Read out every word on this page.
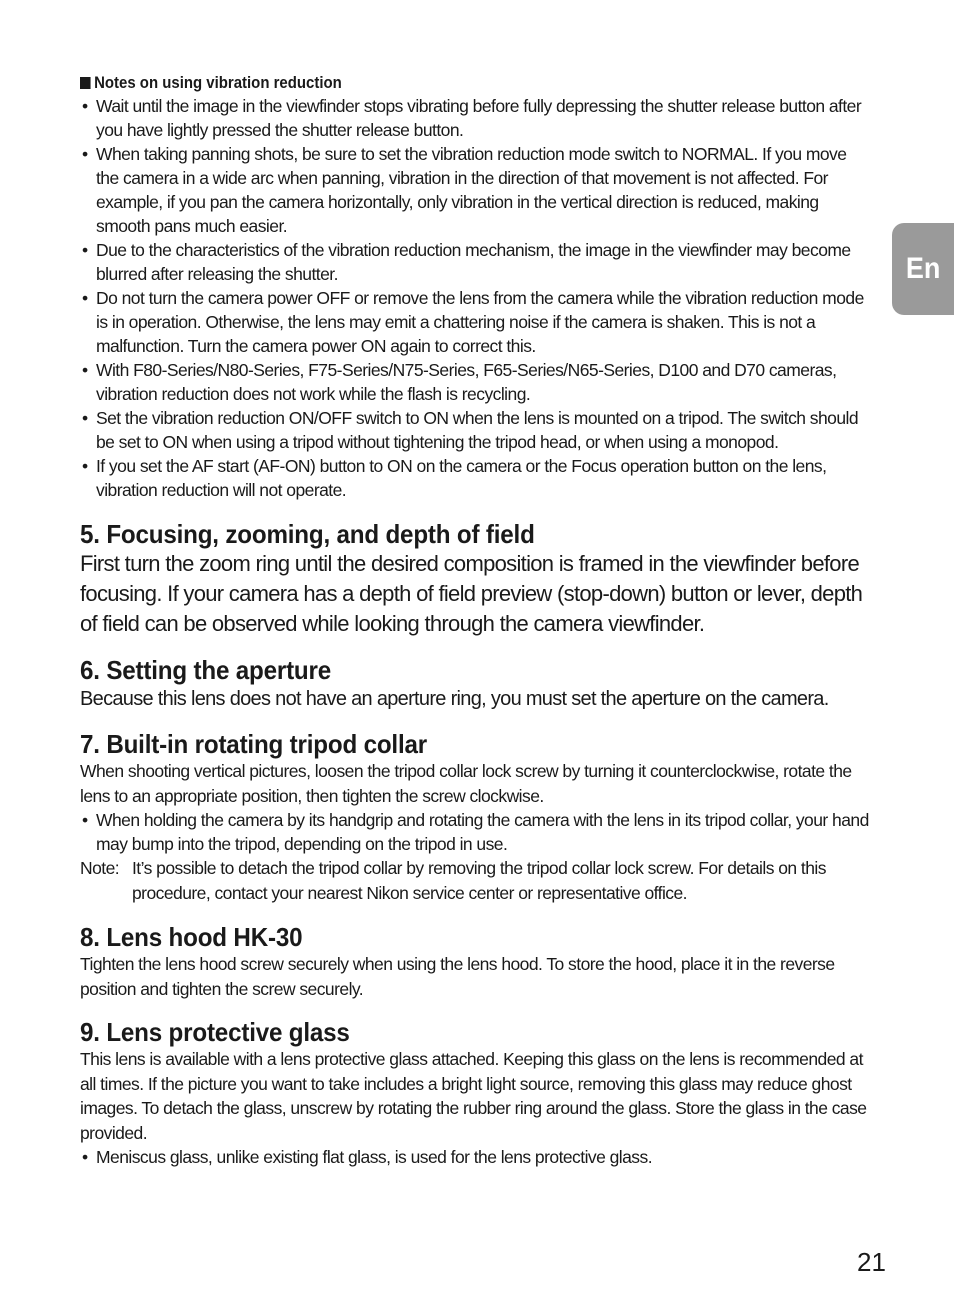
En
Notes on using vibration reduction
• Wait until the image in the viewfinder stops vibrating before fully depressing the shutter release button after you have lightly pressed the shutter release button.
• When taking panning shots, be sure to set the vibration reduction mode switch to NORMAL. If you move the camera in a wide arc when panning, vibration in the direction of that movement is not affected. For example, if you pan the camera horizontally, only vibration in the vertical direction is reduced, making smooth pans much easier.
• Due to the characteristics of the vibration reduction mechanism, the image in the viewfinder may become blurred after releasing the shutter.
• Do not turn the camera power OFF or remove the lens from the camera while the vibration reduction mode is in operation. Otherwise, the lens may emit a chattering noise if the camera is shaken. This is not a malfunction. Turn the camera power ON again to correct this.
• With F80-Series/N80-Series, F75-Series/N75-Series, F65-Series/N65-Series, D100 and D70 cameras, vibration reduction does not work while the flash is recycling.
• Set the vibration reduction ON/OFF switch to ON when the lens is mounted on a tripod. The switch should be set to ON when using a tripod without tightening the tripod head, or when using a monopod.
• If you set the AF start (AF-ON) button to ON on the camera or the Focus operation button on the lens, vibration reduction will not operate.
5. Focusing, zooming, and depth of field

First turn the zoom ring until the desired composition is framed in the viewfinder before focusing. If your camera has a depth of field preview (stop-down) button or lever, depth of field can be observed while looking through the camera viewfinder.

6. Setting the aperture

Because this lens does not have an aperture ring, you must set the aperture on the camera.

7. Built-in rotating tripod collar

When shooting vertical pictures, loosen the tripod collar lock screw by turning it counterclockwise, rotate the lens to an appropriate position, then tighten the screw clockwise.

• When holding the camera by its handgrip and rotating the camera with the lens in its tripod collar, your hand may bump into the tripod, depending on the tripod in use.
Note: It’s possible to detach the tripod collar by removing the tripod collar lock screw. For details on this procedure, contact your nearest Nikon service center or representative office.
8. Lens hood HK-30

Tighten the lens hood screw securely when using the lens hood. To store the hood, place it in the reverse position and tighten the screw securely.

9. Lens protective glass

This lens is available with a lens protective glass attached. Keeping this glass on the lens is recommended at all times. If the picture you want to take includes a bright light source, removing this glass may reduce ghost images. To detach the glass, unscrew by rotating the rubber ring around the glass. Store the glass in the case provided.

• Meniscus glass, unlike existing flat glass, is used for the lens protective glass.
21
